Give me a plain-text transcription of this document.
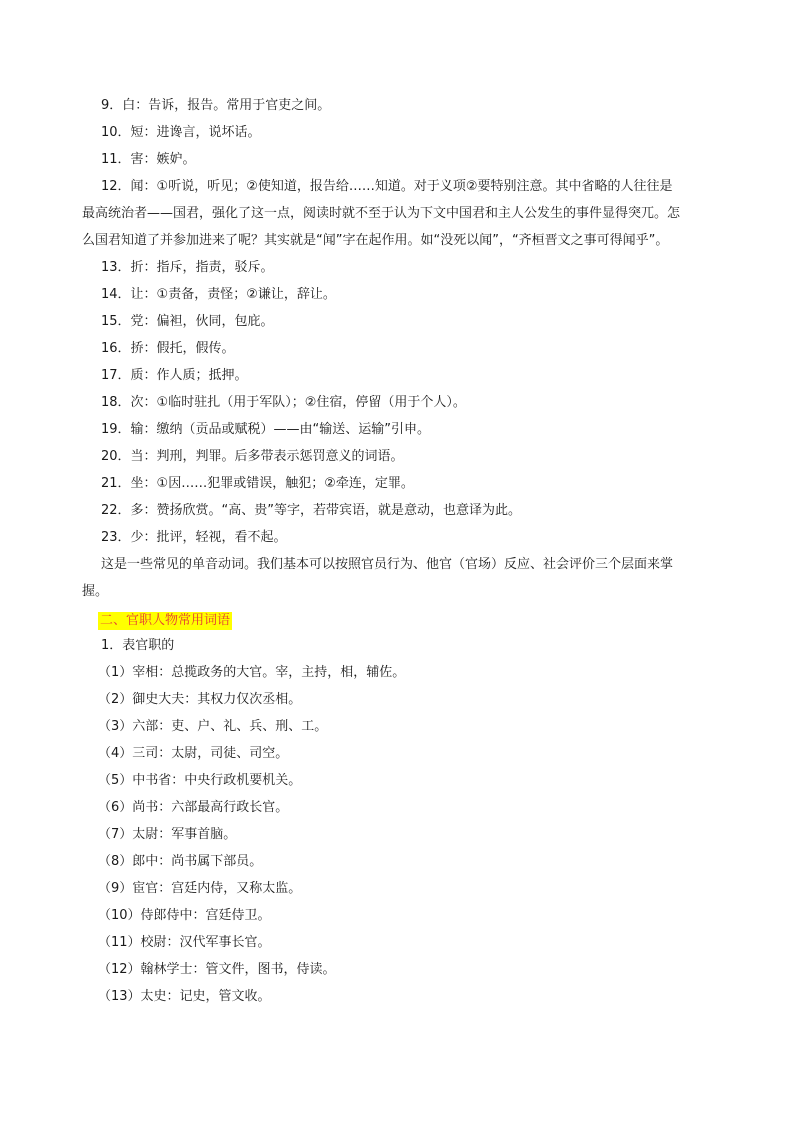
9．白：告诉，报告。常用于官吏之间。
10．短：进谗言，说坏话。
11．害：嫉妒。
12．闻：①听说，听见；②使知道，报告给……知道。对于义项②要特别注意。其中省略的人往往是
最高统治者——国君，强化了这一点，阅读时就不至于认为下文中国君和主人公发生的事件显得突兀。怎
么国君知道了并参加进来了呢？其实就是“闻”字在起作用。如“没死以闻”，“齐桓晋文之事可得闻乎”。
13．折：指斥，指责，驳斥。
14．让：①责备，责怪；②谦让，辞让。
15．党：偏袒，伙同，包庇。
16．挢：假托，假传。
17．质：作人质；抵押。
18．次：①临时驻扎（用于军队）；②住宿，停留（用于个人）。
19．输：缴纳（贡品或赋税）——由“输送、运输”引申。
20．当：判刑，判罪。后多带表示惩罚意义的词语。
21．坐：①因……犯罪或错误，触犯；②牵连，定罪。
22．多：赞扬欣赏。“高、贵”等字，若带宾语，就是意动，也意译为此。
23．少：批评，轻视，看不起。
这是一些常见的单音动词。我们基本可以按照官员行为、他官（官场）反应、社会评价三个层面来掌
握。
二、官职人物常用词语
1．表官职的
（1）宰相：总揽政务的大官。宰，主持，相，辅佐。
（2）御史大夫：其权力仅次丞相。
（3）六部：吏、户、礼、兵、刑、工。
（4）三司：太尉，司徒、司空。
（5）中书省：中央行政机要机关。
（6）尚书：六部最高行政长官。
（7）太尉：军事首脑。
（8）郎中：尚书属下部员。
（9）宦官：宫廷内侍，又称太监。
（10）侍郎侍中：宫廷侍卫。
（11）校尉：汉代军事长官。
（12）翰林学士：管文件，图书，侍读。
（13）太史：记史，管文收。
